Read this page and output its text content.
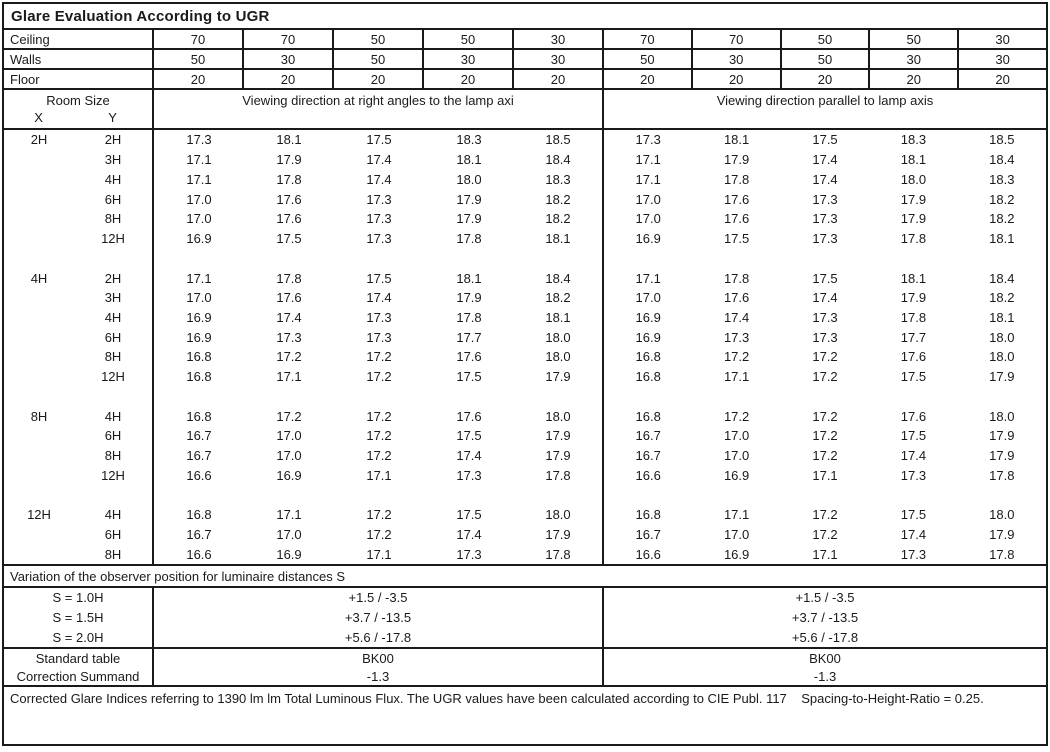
Glare Evaluation According to UGR
Ceiling	70	70	50	50	30	70	70	50	50	30
Walls	50	30	50	30	30	50	30	50	30	30
Floor	20	20	20	20	20	20	20	20	20	20
Room Size
X	Y
Viewing direction at right angles to the lamp axi	Viewing direction parallel to lamp axis
2H	2H	17.3	18.1	17.5	18.3	18.5	17.3	18.1	17.5	18.3	18.5
3H	17.1	17.9	17.4	18.1	18.4	17.1	17.9	17.4	18.1	18.4
4H	17.1	17.8	17.4	18.0	18.3	17.1	17.8	17.4	18.0	18.3
6H	17.0	17.6	17.3	17.9	18.2	17.0	17.6	17.3	17.9	18.2
8H	17.0	17.6	17.3	17.9	18.2	17.0	17.6	17.3	17.9	18.2
12H	16.9	17.5	17.3	17.8	18.1	16.9	17.5	17.3	17.8	18.1
4H	2H	17.1	17.8	17.5	18.1	18.4	17.1	17.8	17.5	18.1	18.4
3H	17.0	17.6	17.4	17.9	18.2	17.0	17.6	17.4	17.9	18.2
4H	16.9	17.4	17.3	17.8	18.1	16.9	17.4	17.3	17.8	18.1
6H	16.9	17.3	17.3	17.7	18.0	16.9	17.3	17.3	17.7	18.0
8H	16.8	17.2	17.2	17.6	18.0	16.8	17.2	17.2	17.6	18.0
12H	16.8	17.1	17.2	17.5	17.9	16.8	17.1	17.2	17.5	17.9
8H	4H	16.8	17.2	17.2	17.6	18.0	16.8	17.2	17.2	17.6	18.0
6H	16.7	17.0	17.2	17.5	17.9	16.7	17.0	17.2	17.5	17.9
8H	16.7	17.0	17.2	17.4	17.9	16.7	17.0	17.2	17.4	17.9
12H	16.6	16.9	17.1	17.3	17.8	16.6	16.9	17.1	17.3	17.8
12H	4H	16.8	17.1	17.2	17.5	18.0	16.8	17.1	17.2	17.5	18.0
6H	16.7	17.0	17.2	17.4	17.9	16.7	17.0	17.2	17.4	17.9
8H	16.6	16.9	17.1	17.3	17.8	16.6	16.9	17.1	17.3	17.8
Variation of the observer position for luminaire distances S
S = 1.0H	+1.5 / -3.5	+1.5 / -3.5
S = 1.5H	+3.7 / -13.5	+3.7 / -13.5
S = 2.0H	+5.6 / -17.8	+5.6 / -17.8
Standard table	BK00	BK00
Correction Summand	-1.3	-1.3
Corrected Glare Indices referring to 1390 lm lm Total Luminous Flux. The UGR values have been calculated according to CIE Publ. 117    Spacing-to-Height-Ratio = 0.25.
